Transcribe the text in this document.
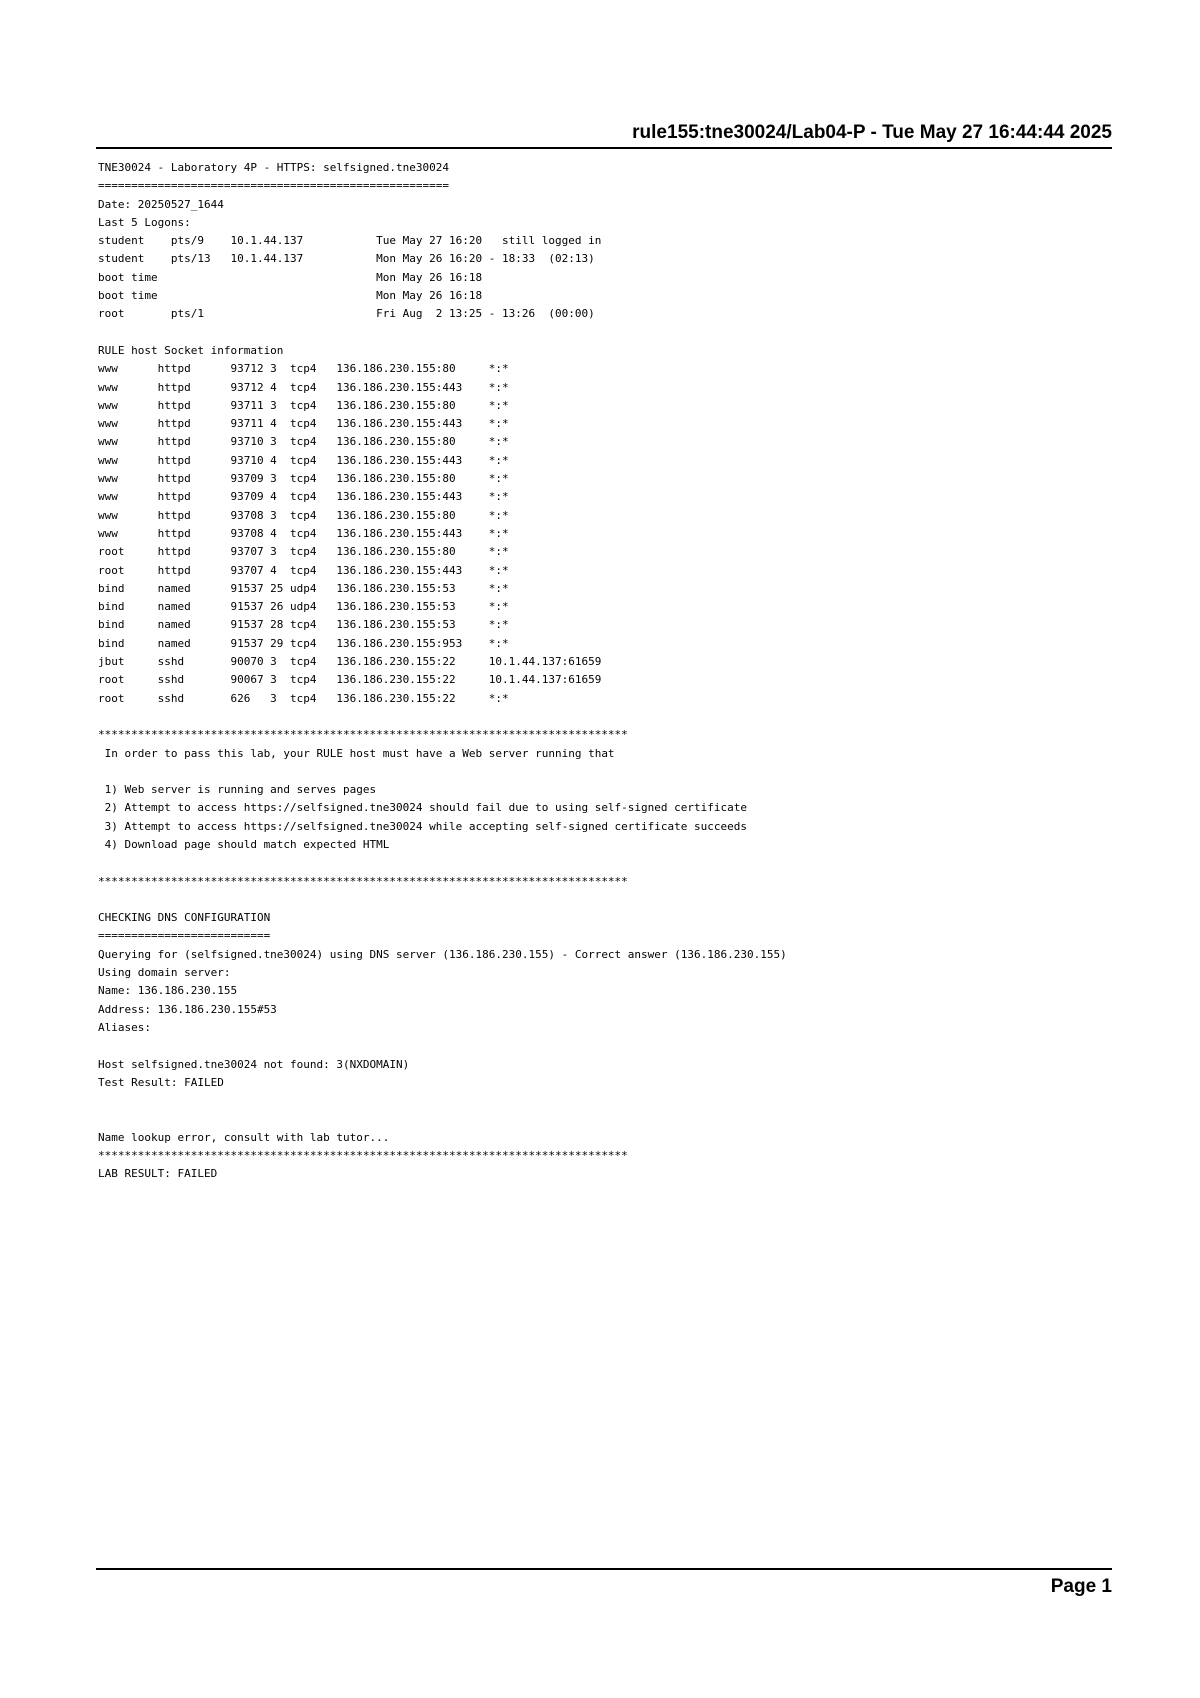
rule155:tne30024/Lab04-P - Tue May 27 16:44:44 2025
TNE30024 - Laboratory 4P - HTTPS: selfsigned.tne30024
=====================================================
Date: 20250527_1644
Last 5 Logons:
student    pts/9    10.1.44.137           Tue May 27 16:20   still logged in
student    pts/13   10.1.44.137           Mon May 26 16:20 - 18:33  (02:13)
boot time                                 Mon May 26 16:18
boot time                                 Mon May 26 16:18
root       pts/1                          Fri Aug  2 13:25 - 13:26  (00:00)
RULE host Socket information
www      httpd      93712 3  tcp4   136.186.230.155:80     *:*
www      httpd      93712 4  tcp4   136.186.230.155:443    *:*
www      httpd      93711 3  tcp4   136.186.230.155:80     *:*
www      httpd      93711 4  tcp4   136.186.230.155:443    *:*
www      httpd      93710 3  tcp4   136.186.230.155:80     *:*
www      httpd      93710 4  tcp4   136.186.230.155:443    *:*
www      httpd      93709 3  tcp4   136.186.230.155:80     *:*
www      httpd      93709 4  tcp4   136.186.230.155:443    *:*
www      httpd      93708 3  tcp4   136.186.230.155:80     *:*
www      httpd      93708 4  tcp4   136.186.230.155:443    *:*
root     httpd      93707 3  tcp4   136.186.230.155:80     *:*
root     httpd      93707 4  tcp4   136.186.230.155:443    *:*
bind     named      91537 25 udp4   136.186.230.155:53     *:*
bind     named      91537 26 udp4   136.186.230.155:53     *:*
bind     named      91537 28 tcp4   136.186.230.155:53     *:*
bind     named      91537 29 tcp4   136.186.230.155:953    *:*
jbut     sshd       90070 3  tcp4   136.186.230.155:22     10.1.44.137:61659
root     sshd       90067 3  tcp4   136.186.230.155:22     10.1.44.137:61659
root     sshd       626   3  tcp4   136.186.230.155:22     *:*
********************************************************************************
In order to pass this lab, your RULE host must have a Web server running that
1) Web server is running and serves pages
2) Attempt to access https://selfsigned.tne30024 should fail due to using self-signed certificate
3) Attempt to access https://selfsigned.tne30024 while accepting self-signed certificate succeeds
4) Download page should match expected HTML
********************************************************************************
CHECKING DNS CONFIGURATION
==========================
Querying for (selfsigned.tne30024) using DNS server (136.186.230.155) - Correct answer (136.186.230.155)
Using domain server:
Name: 136.186.230.155
Address: 136.186.230.155#53
Aliases:
Host selfsigned.tne30024 not found: 3(NXDOMAIN)
Test Result: FAILED
Name lookup error, consult with lab tutor...
********************************************************************************
LAB RESULT: FAILED
Page 1
